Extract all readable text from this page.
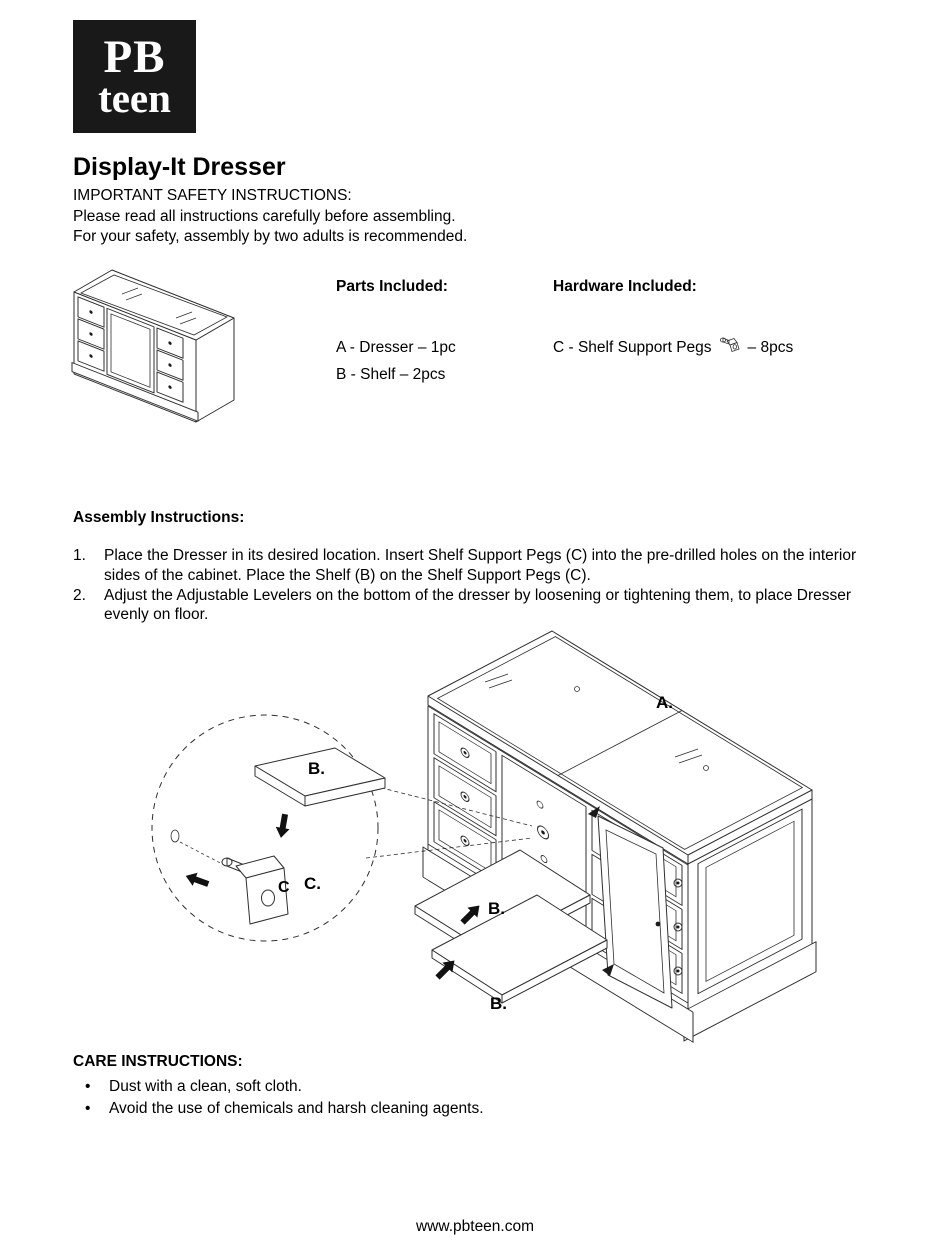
PB
teen
Display-It Dresser
IMPORTANT SAFETY INSTRUCTIONS:
Please read all instructions carefully before assembling.
For your safety, assembly by two adults is recommended.
Parts Included:
A - Dresser – 1pc
B - Shelf – 2pcs
Hardware Included:
C - Shelf Support Pegs – 8pcs
Assembly Instructions:
1.	Place the Dresser in its desired location. Insert Shelf Support Pegs (C) into the pre-drilled holes on the interior sides of the cabinet. Place the Shelf (B) on the Shelf Support Pegs (C).
2.	Adjust the Adjustable Levelers on the bottom of the dresser by loosening or tightening them, to place Dresser evenly on floor.
A.
B.
C C.
B.
B.
CARE INSTRUCTIONS:
•	Dust with a clean, soft cloth.
•	Avoid the use of chemicals and harsh cleaning agents.
www.pbteen.com
